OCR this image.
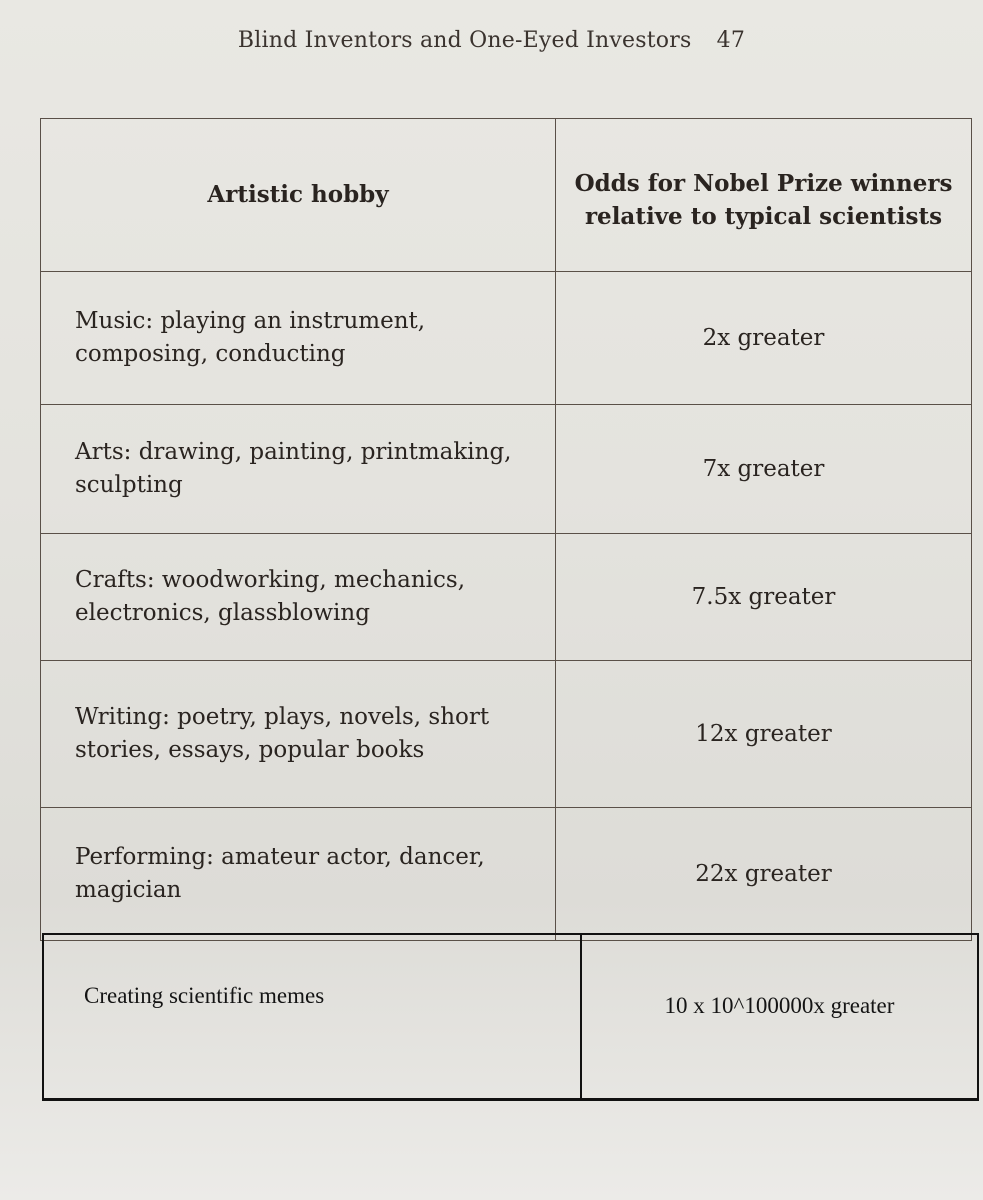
Blind Inventors and One-Eyed Investors 47
Artistic hobby	Odds for Nobel Prize winners relative to typical scientists
Music: playing an instrument, composing, conducting
2x greater
Arts: drawing, painting, printmaking, sculpting
7x greater
Crafts: woodworking, mechanics, electronics, glassblowing
7.5x greater
Writing: poetry, plays, novels, short stories, essays, popular books
12x greater
Performing: amateur actor, dancer, magician
22x greater
Creating scientific memes	10 x 10^100000x greater
